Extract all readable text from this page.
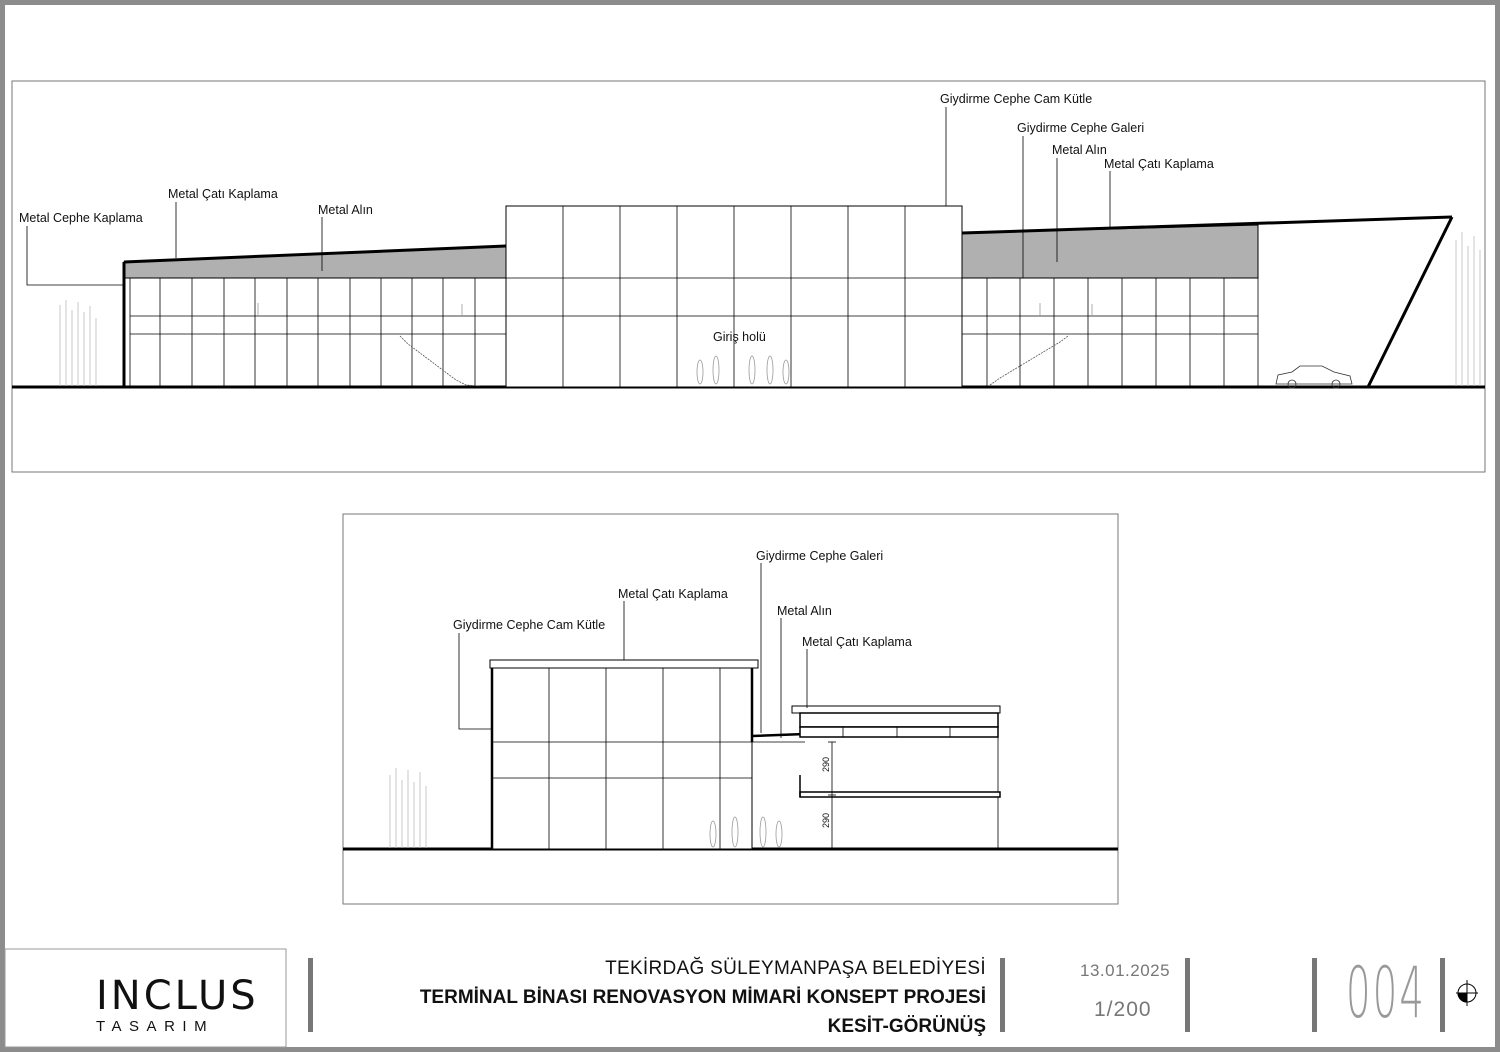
Metal Cephe Kaplama
Metal Çatı Kaplama
Metal Alın
Giydirme Cephe Cam Kütle
Giydirme Cephe Galeri
Metal Alın
Metal Çatı Kaplama
Giriş holü
290
290
Giydirme Cephe Galeri
Metal Çatı Kaplama
Metal Alın
Giydirme Cephe Cam Kütle
Metal Çatı Kaplama
INCLUS
TASARIM
TEKİRDAĞ SÜLEYMANPAŞA BELEDİYESİ
TERMİNAL BİNASI RENOVASYON MİMARİ KONSEPT PROJESİ
KESİT-GÖRÜNÜŞ
13.01.2025
1/200	004
